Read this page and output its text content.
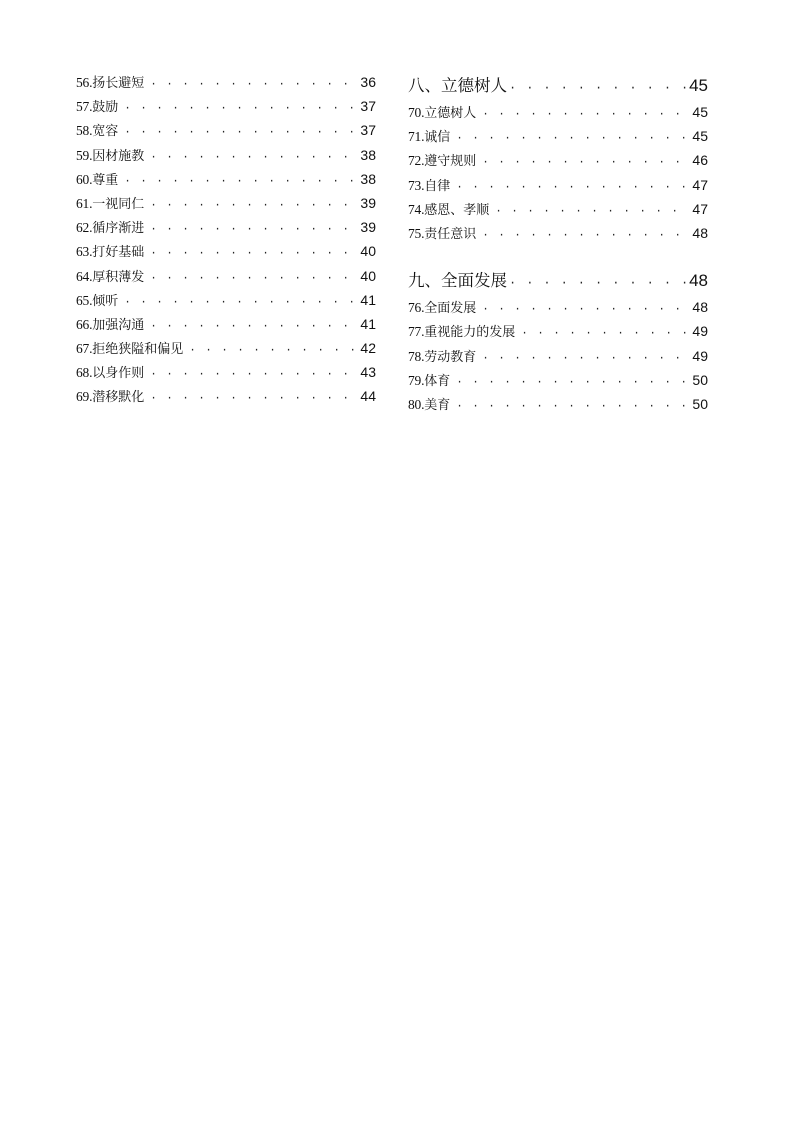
56. 扬长避短 · · ·	36
57. 鼓励 · · ·	37
58. 宽容 · · ·	37
59. 因材施教 · · ·	38
60. 尊重 · · ·	38
61. 一视同仁 · · ·	39
62. 循序渐进 · · ·	39
63. 打好基础 · · ·	40
64. 厚积薄发 · · ·	40
65. 倾听 · · ·	41
66. 加强沟通 · · ·	41
67. 拒绝狭隘和偏见 · · ·	42
68. 以身作则 · · ·	43
69. 潜移默化 · · ·	44
八、立德树人 · · ·	45
70. 立德树人 · · ·	45
71. 诚信 · · ·	45
72. 遵守规则 · · ·	46
73. 自律 · · ·	47
74. 感恩、孝顺 · · ·	47
75. 责任意识 · · ·	48
九、全面发展 · · ·	48
76. 全面发展 · · ·	48
77. 重视能力的发展 · · ·	49
78. 劳动教育 · · ·	49
79. 体育 · · ·	50
80. 美育 · · ·	50
